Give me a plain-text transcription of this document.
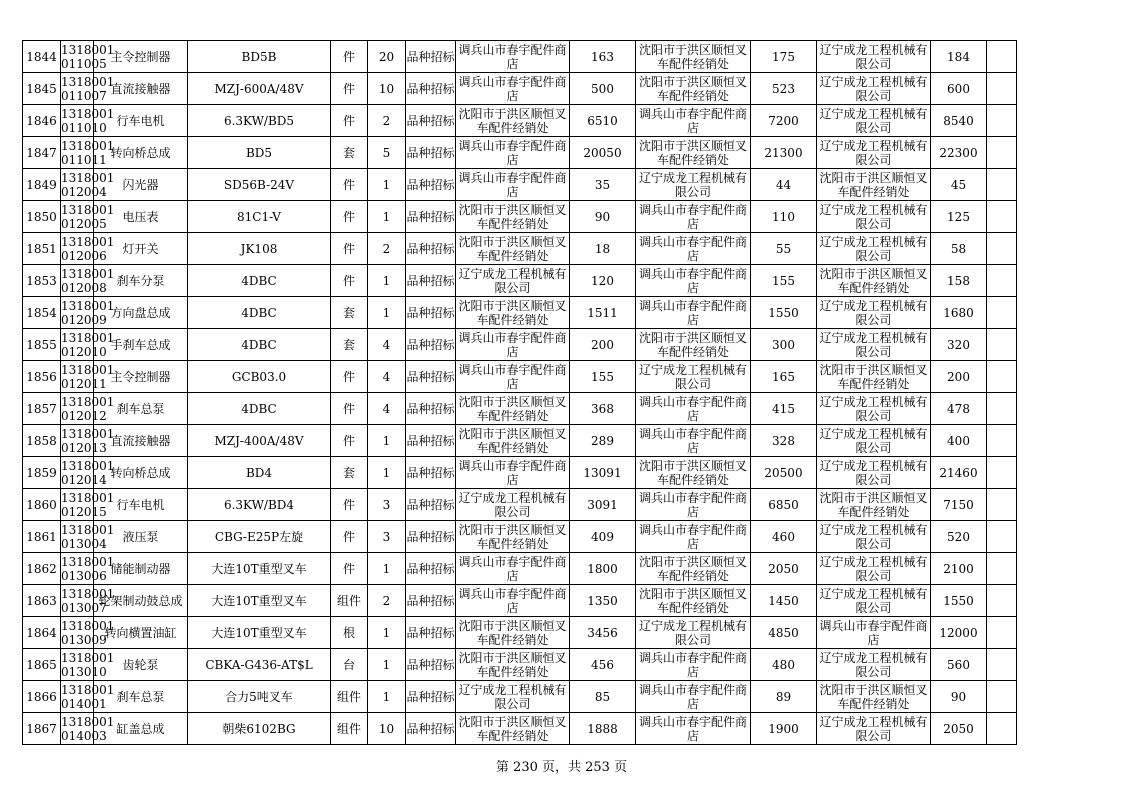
1844	1318001 011005	主令控制器	BD5B	件	20	品种招标	调兵山市春宇配件商店	163	沈阳市于洪区顺恒叉车配件经销处	175	辽宁成龙工程机械有限公司	184	
1845	1318001 011007	直流接触器	MZJ-600A/48V	件	10	品种招标	调兵山市春宇配件商店	500	沈阳市于洪区顺恒叉车配件经销处	523	辽宁成龙工程机械有限公司	600	
1846	1318001 011010	行车电机	6.3KW/BD5	件	2	品种招标	沈阳市于洪区顺恒叉车配件经销处	6510	调兵山市春宇配件商店	7200	辽宁成龙工程机械有限公司	8540	
1847	1318001 011011	转向桥总成	BD5	套	5	品种招标	调兵山市春宇配件商店	20050	沈阳市于洪区顺恒叉车配件经销处	21300	辽宁成龙工程机械有限公司	22300	
1849	1318001 012004	闪光器	SD56B-24V	件	1	品种招标	调兵山市春宇配件商店	35	辽宁成龙工程机械有限公司	44	沈阳市于洪区顺恒叉车配件经销处	45	
1850	1318001 012005	电压表	81C1-V	件	1	品种招标	沈阳市于洪区顺恒叉车配件经销处	90	调兵山市春宇配件商店	110	辽宁成龙工程机械有限公司	125	
1851	1318001 012006	灯开关	JK108	件	2	品种招标	沈阳市于洪区顺恒叉车配件经销处	18	调兵山市春宇配件商店	55	辽宁成龙工程机械有限公司	58	
1853	1318001 012008	刹车分泵	4DBC	件	1	品种招标	辽宁成龙工程机械有限公司	120	调兵山市春宇配件商店	155	沈阳市于洪区顺恒叉车配件经销处	158	
1854	1318001 012009	方向盘总成	4DBC	套	1	品种招标	沈阳市于洪区顺恒叉车配件经销处	1511	调兵山市春宇配件商店	1550	辽宁成龙工程机械有限公司	1680	
1855	1318001 012010	手刹车总成	4DBC	套	4	品种招标	调兵山市春宇配件商店	200	沈阳市于洪区顺恒叉车配件经销处	300	辽宁成龙工程机械有限公司	320	
1856	1318001 012011	主令控制器	GCB03.0	件	4	品种招标	调兵山市春宇配件商店	155	辽宁成龙工程机械有限公司	165	沈阳市于洪区顺恒叉车配件经销处	200	
1857	1318001 012012	刹车总泵	4DBC	件	4	品种招标	沈阳市于洪区顺恒叉车配件经销处	368	调兵山市春宇配件商店	415	辽宁成龙工程机械有限公司	478	
1858	1318001 012013	直流接触器	MZJ-400A/48V	件	1	品种招标	沈阳市于洪区顺恒叉车配件经销处	289	调兵山市春宇配件商店	328	辽宁成龙工程机械有限公司	400	
1859	1318001 012014	转向桥总成	BD4	套	1	品种招标	调兵山市春宇配件商店	13091	沈阳市于洪区顺恒叉车配件经销处	20500	辽宁成龙工程机械有限公司	21460	
1860	1318001 012015	行车电机	6.3KW/BD4	件	3	品种招标	辽宁成龙工程机械有限公司	3091	调兵山市春宇配件商店	6850	沈阳市于洪区顺恒叉车配件经销处	7150	
1861	1318001 013004	液压泵	CBG-E25P左旋	件	3	品种招标	沈阳市于洪区顺恒叉车配件经销处	409	调兵山市春宇配件商店	460	辽宁成龙工程机械有限公司	520	
1862	1318001 013006	储能制动器	大连10T重型叉车	件	1	品种招标	调兵山市春宇配件商店	1800	沈阳市于洪区顺恒叉车配件经销处	2050	辽宁成龙工程机械有限公司	2100	
1863	1318001 013007	轮架制动鼓总成	大连10T重型叉车	组件	2	品种招标	调兵山市春宇配件商店	1350	沈阳市于洪区顺恒叉车配件经销处	1450	辽宁成龙工程机械有限公司	1550	
1864	1318001 013009	转向横置油缸	大连10T重型叉车	根	1	品种招标	沈阳市于洪区顺恒叉车配件经销处	3456	辽宁成龙工程机械有限公司	4850	调兵山市春宇配件商店	12000	
1865	1318001 013010	齿轮泵	CBKA-G436-AT$L	台	1	品种招标	沈阳市于洪区顺恒叉车配件经销处	456	调兵山市春宇配件商店	480	辽宁成龙工程机械有限公司	560	
1866	1318001 014001	刹车总泵	合力5吨叉车	组件	1	品种招标	辽宁成龙工程机械有限公司	85	调兵山市春宇配件商店	89	沈阳市于洪区顺恒叉车配件经销处	90	
1867	1318001 014003	缸盖总成	朝柴6102BG	组件	10	品种招标	沈阳市于洪区顺恒叉车配件经销处	1888	调兵山市春宇配件商店	1900	辽宁成龙工程机械有限公司	2050	
第 230 页，共 253 页
